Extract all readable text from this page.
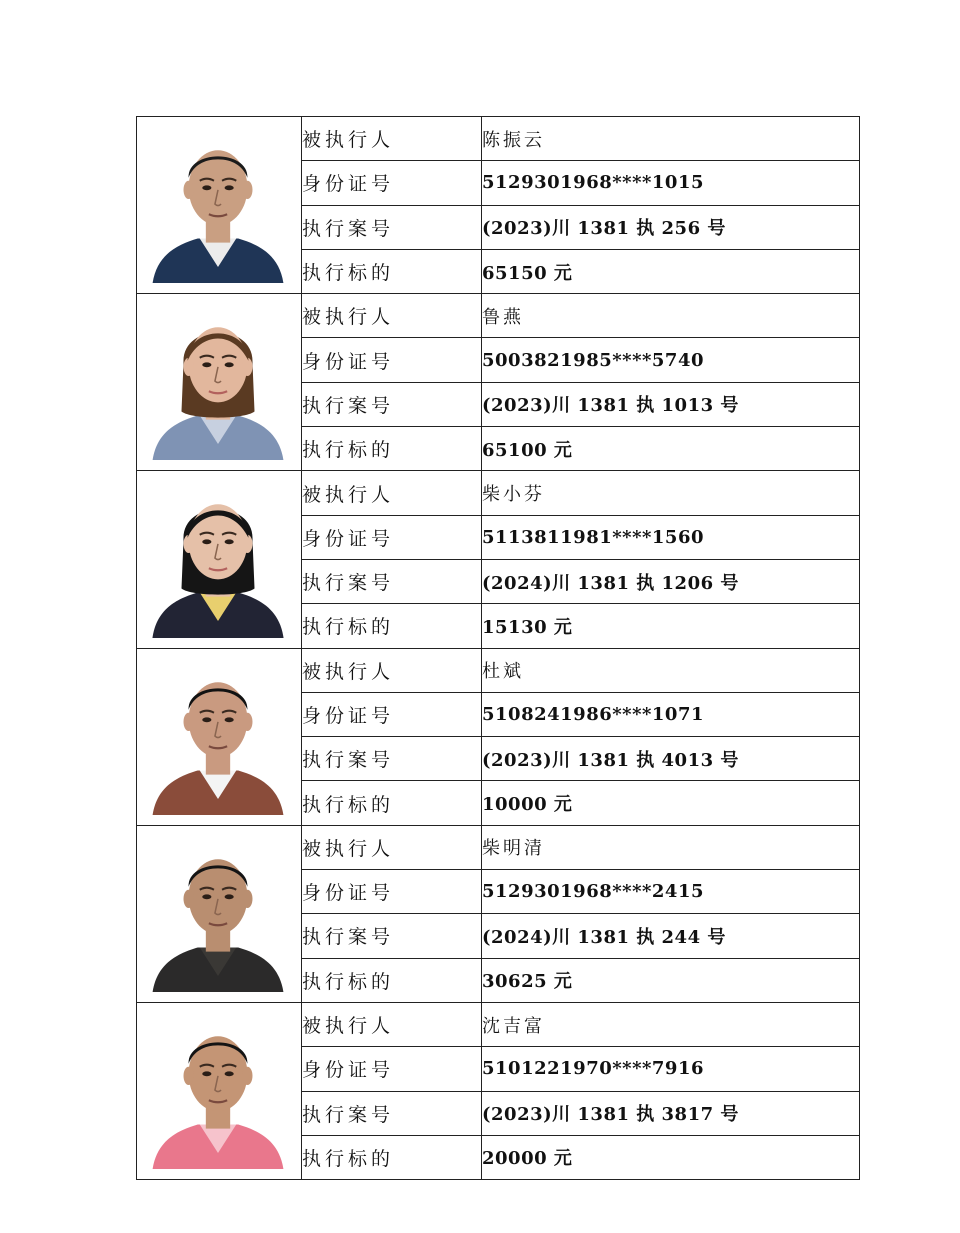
	被执行人	陈振云
	身份证号	5129301968****1015
	执行案号	(2023)川 1381 执 256 号
	执行标的	65150 元

	被执行人	鲁燕
	身份证号	5003821985****5740
	执行案号	(2023)川 1381 执 1013 号
	执行标的	65100 元

	被执行人	柴小芬
	身份证号	5113811981****1560
	执行案号	(2024)川 1381 执 1206 号
	执行标的	15130 元

	被执行人	杜斌
	身份证号	5108241986****1071
	执行案号	(2023)川 1381 执 4013 号
	执行标的	10000 元

	被执行人	柴明清
	身份证号	5129301968****2415
	执行案号	(2024)川 1381 执 244 号
	执行标的	30625 元

	被执行人	沈吉富
	身份证号	5101221970****7916
	执行案号	(2023)川 1381 执 3817 号
	执行标的	20000 元
